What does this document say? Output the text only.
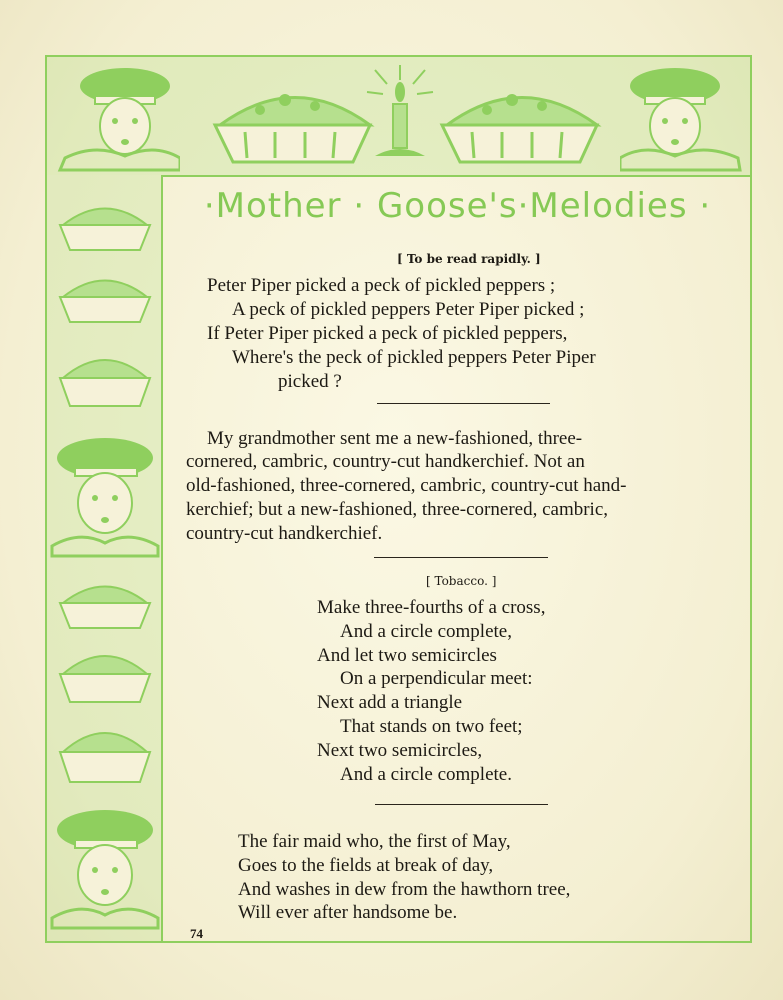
·Mother · Goose's·Melodies ·
[ To be read rapidly. ]
Peter Piper picked a peck of pickled peppers ;
A peck of pickled peppers Peter Piper picked ;
If Peter Piper picked a peck of pickled peppers,
Where's the peck of pickled peppers Peter Piper
picked ?
My grandmother sent me a new-fashioned, three-
cornered, cambric, country-cut handkerchief. Not an
old-fashioned, three-cornered, cambric, country-cut hand-
kerchief; but a new-fashioned, three-cornered, cambric,
country-cut handkerchief.
[ Tobacco. ]
Make three-fourths of a cross,
And a circle complete,
And let two semicircles
On a perpendicular meet:
Next add a triangle
That stands on two feet;
Next two semicircles,
And a circle complete.
The fair maid who, the first of May,
Goes to the fields at break of day,
And washes in dew from the hawthorn tree,
Will ever after handsome be.
74
